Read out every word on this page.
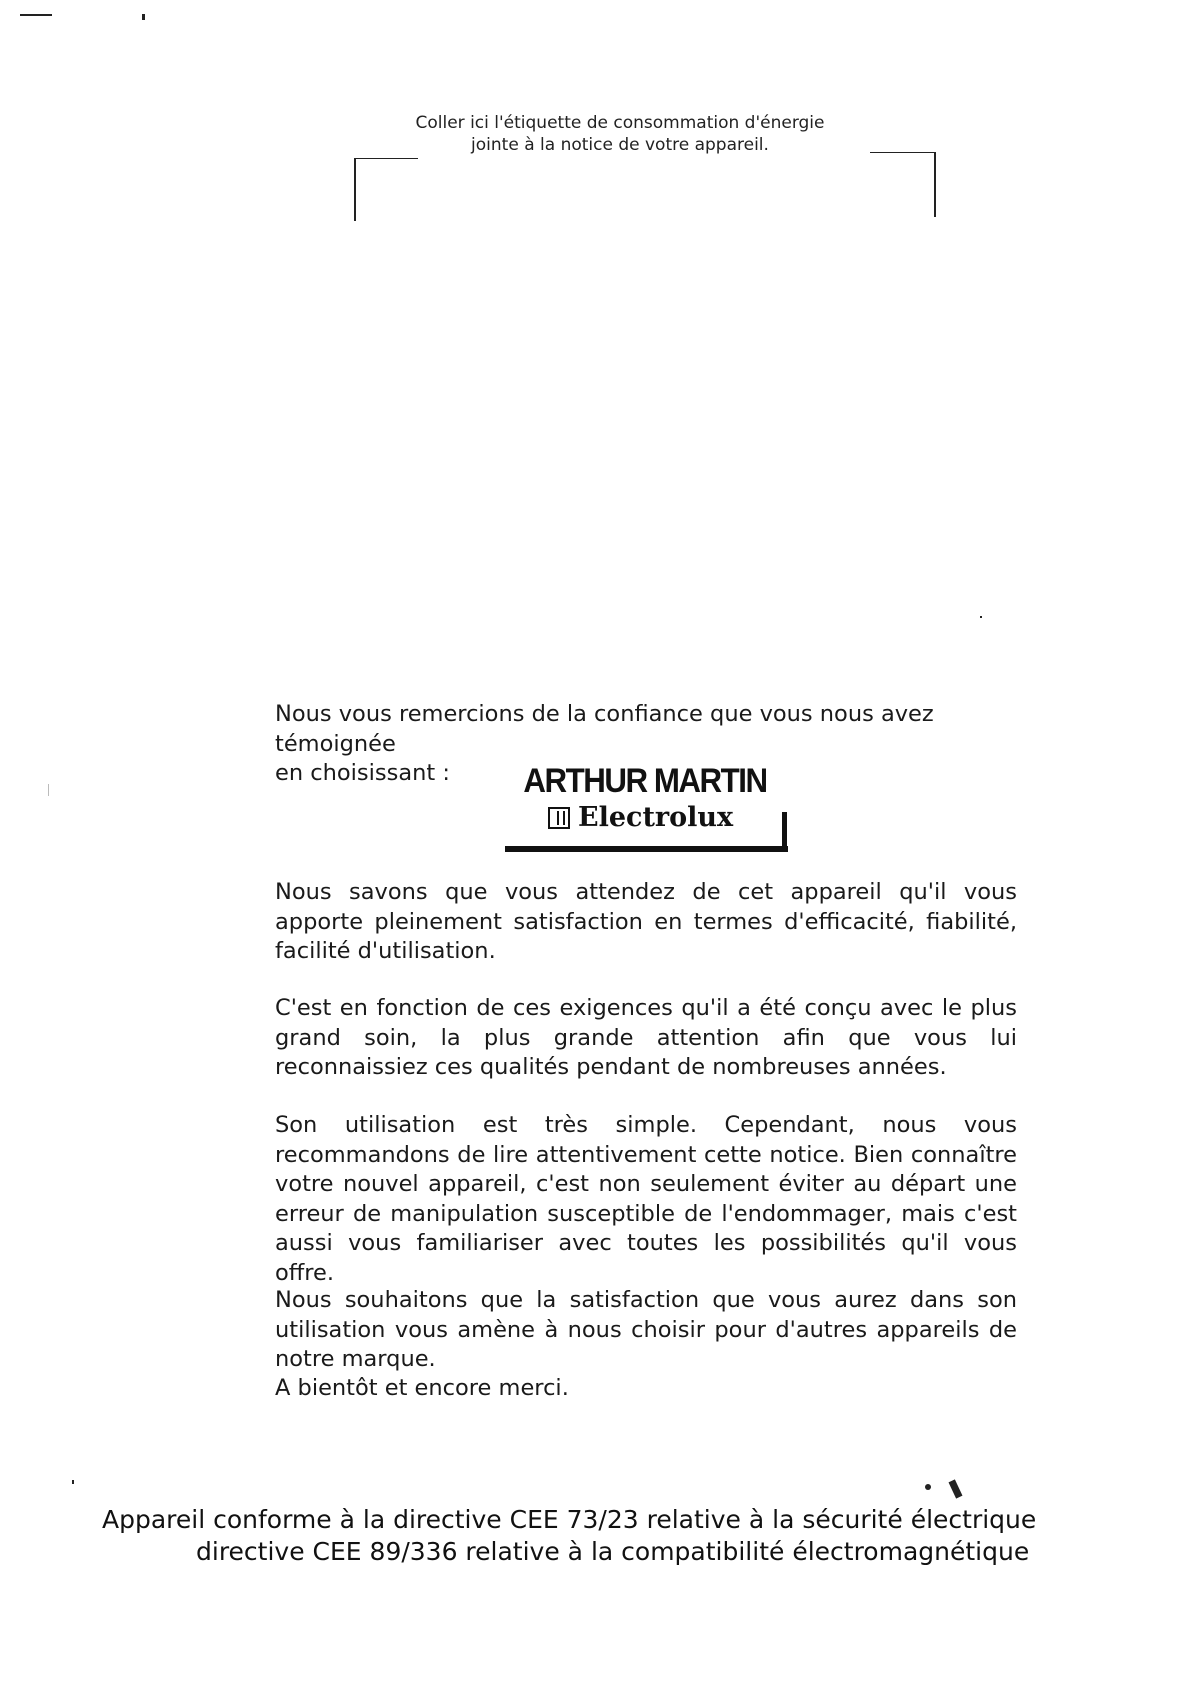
Coller ici l'étiquette de consommation d'énergie
jointe à la notice de votre appareil.
Nous vous remercions de la confiance que vous nous avez témoignée
en choisissant :	ARTHUR MARTIN
Electrolux

Nous savons que vous attendez de cet appareil qu'il vous apporte pleinement satisfaction en termes d'efficacité, fiabilité, facilité d'utilisation.

C'est en fonction de ces exigences qu'il a été conçu avec le plus grand soin, la plus grande attention afin que vous lui reconnaissiez ces qualités pendant de nombreuses années.

Son utilisation est très simple. Cependant, nous vous recommandons de lire attentivement cette notice. Bien connaître votre nouvel appareil, c'est non seulement éviter au départ une erreur de manipulation susceptible de l'endommager, mais c'est aussi vous familiariser avec toutes les possibilités qu'il vous offre.

Nous souhaitons que la satisfaction que vous aurez dans son utilisation vous amène à nous choisir pour d'autres appareils de notre marque.

A bientôt et encore merci.

Appareil conforme à la directive CEE 73/23 relative à la sécurité électrique
directive CEE 89/336 relative à la compatibilité électromagnétique
